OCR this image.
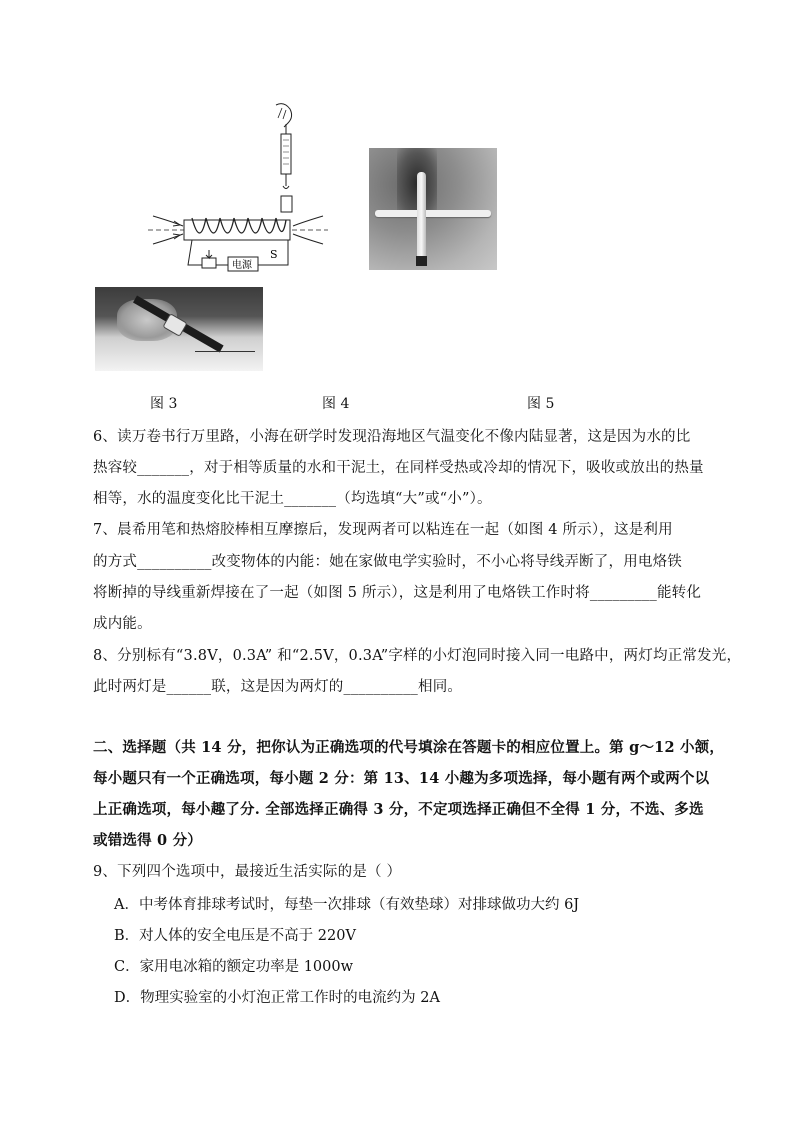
电源
S
图 3	图 4	图 5
6、读万卷书行万里路，小海在研学时发现沿海地区气温变化不像内陆显著，这是因为水的比
热容较_______，对于相等质量的水和干泥土，在同样受热或冷却的情况下，吸收或放出的热量
相等，水的温度变化比干泥土_______（均选填“大”或“小”）。
7、晨希用笔和热熔胶棒相互摩擦后，发现两者可以粘连在一起（如图 4 所示），这是利用
的方式__________改变物体的内能：她在家做电学实验时，不小心将导线弄断了，用电烙铁
将断掉的导线重新焊接在了一起（如图 5 所示），这是利用了电烙铁工作时将_________能转化
成内能。
8、分别标有“3.8V，0.3A” 和“2.5V，0.3A”字样的小灯泡同时接入同一电路中，两灯均正常发光，
此时两灯是______联，这是因为两灯的__________相同。
二、选择题（共 14 分，把你认为正确选项的代号填涂在答题卡的相应位置上。第 g～12 小颔，
每小题只有一个正确选项，每小题 2 分：第 13、14 小趣为多项选择，每小题有两个或两个以
上正确选项，每小趣了分. 全部选择正确得 3 分，不定项选择正确但不全得 1 分，不选、多选
或错选得 0 分）
9、下列四个选项中，最接近生活实际的是（ ）
A．中考体育排球考试时，每垫一次排球（有效垫球）对排球做功大约 6J
B．对人体的安全电压是不高于 220V
C．家用电冰箱的额定功率是 1000w
D．物理实验室的小灯泡正常工作时的电流约为 2A
